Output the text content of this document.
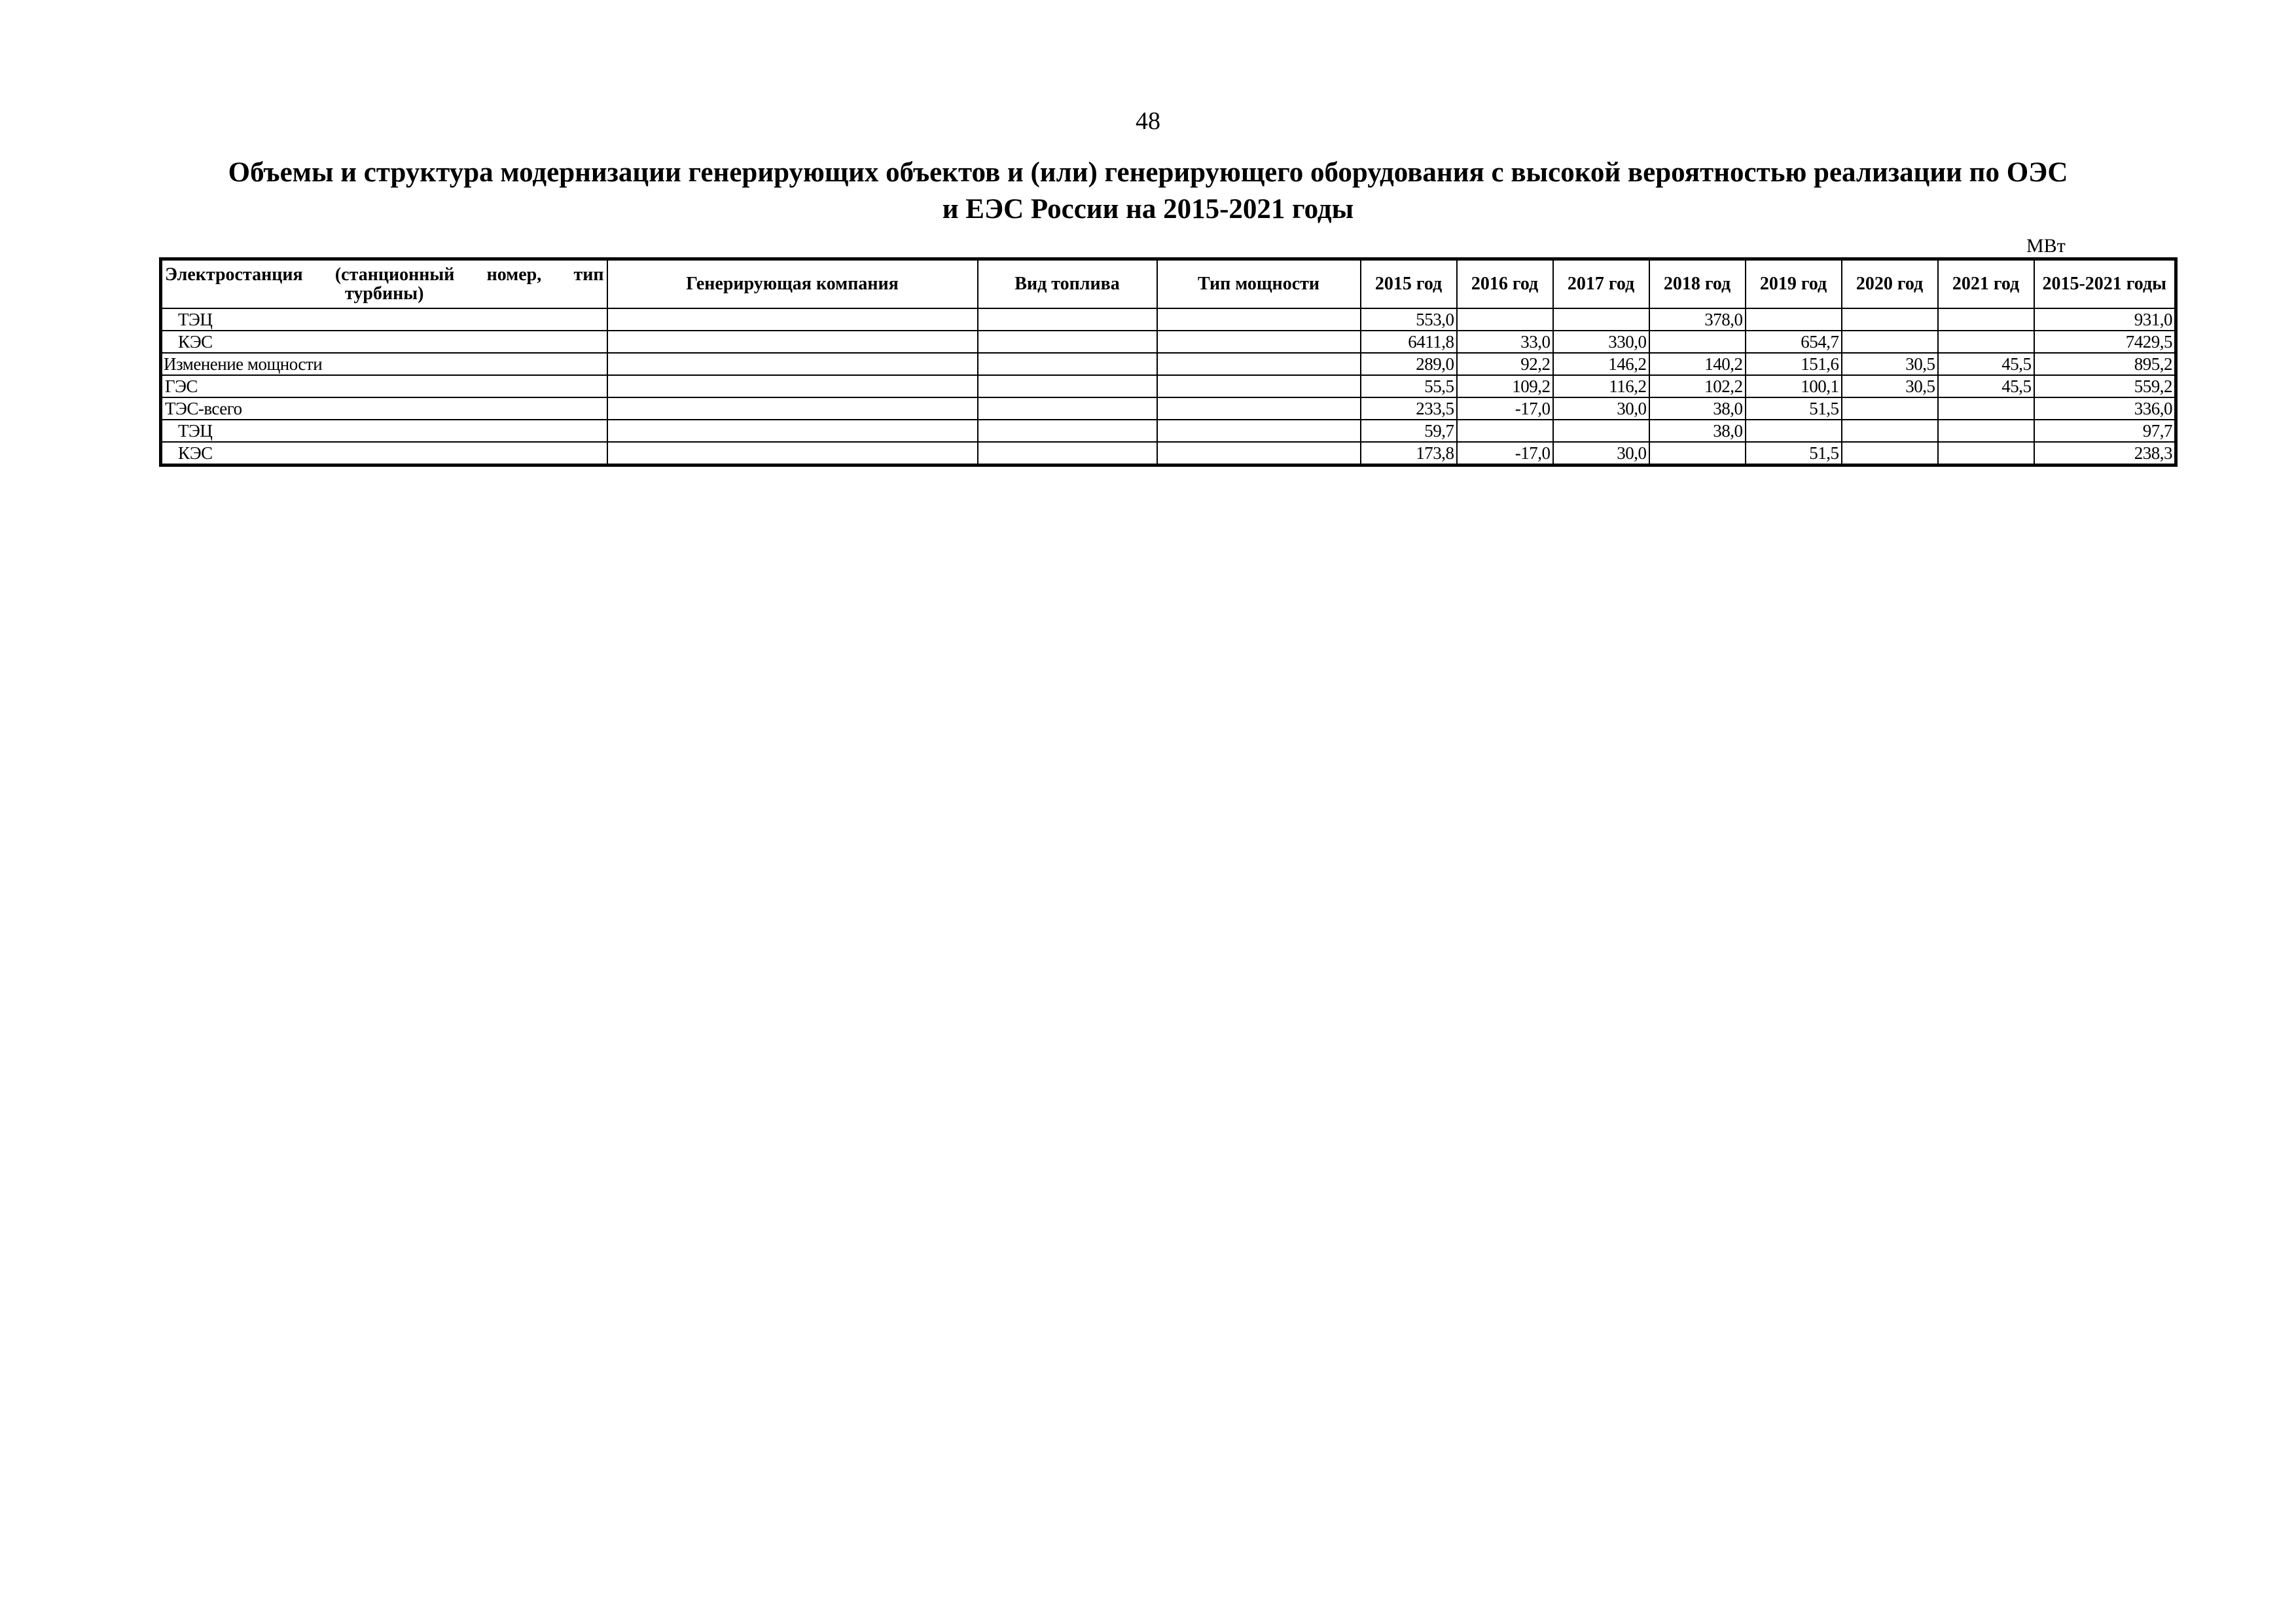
48
Объемы и структура модернизации генерирующих объектов и (или) генерирующего оборудования с высокой вероятностью реализации по ОЭС
и ЕЭС России на 2015-2021 годы
МВт
Электростанция (станционный номер, тип турбины)	Генерирующая компания	Вид топлива	Тип мощности	2015 год	2016 год	2017 год	2018 год	2019 год	2020 год	2021 год	2015-2021 годы
ТЭЦ				553,0			378,0				931,0
КЭС				6411,8	33,0	330,0		654,7			7429,5
Изменение мощности				289,0	92,2	146,2	140,2	151,6	30,5	45,5	895,2
ГЭС				55,5	109,2	116,2	102,2	100,1	30,5	45,5	559,2
ТЭС-всего				233,5	-17,0	30,0	38,0	51,5			336,0
ТЭЦ				59,7			38,0				97,7
КЭС				173,8	-17,0	30,0		51,5			238,3
